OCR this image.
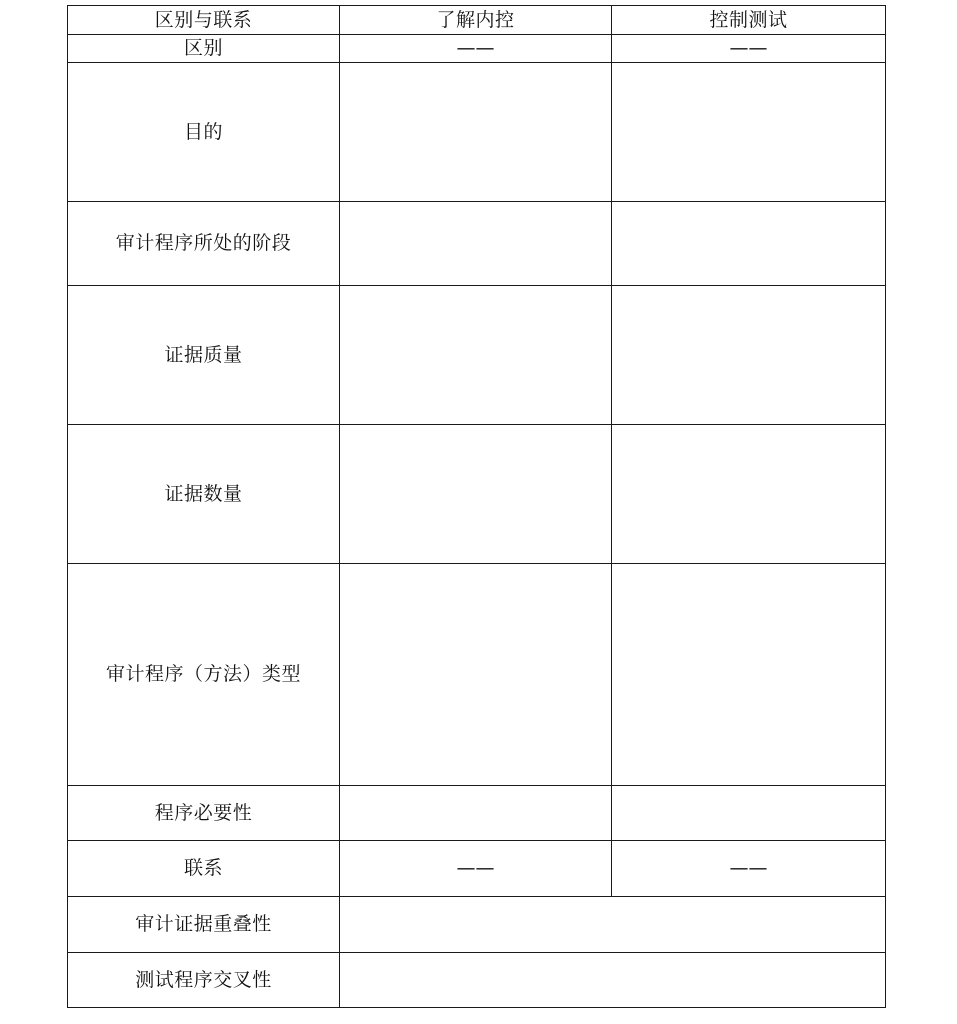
区别与联系	了解内控	控制测试
区别	——	——
目的		
审计程序所处的阶段		
证据质量		
证据数量		
审计程序（方法）类型		
程序必要性		
联系	——	——
审计证据重叠性		
测试程序交叉性		
